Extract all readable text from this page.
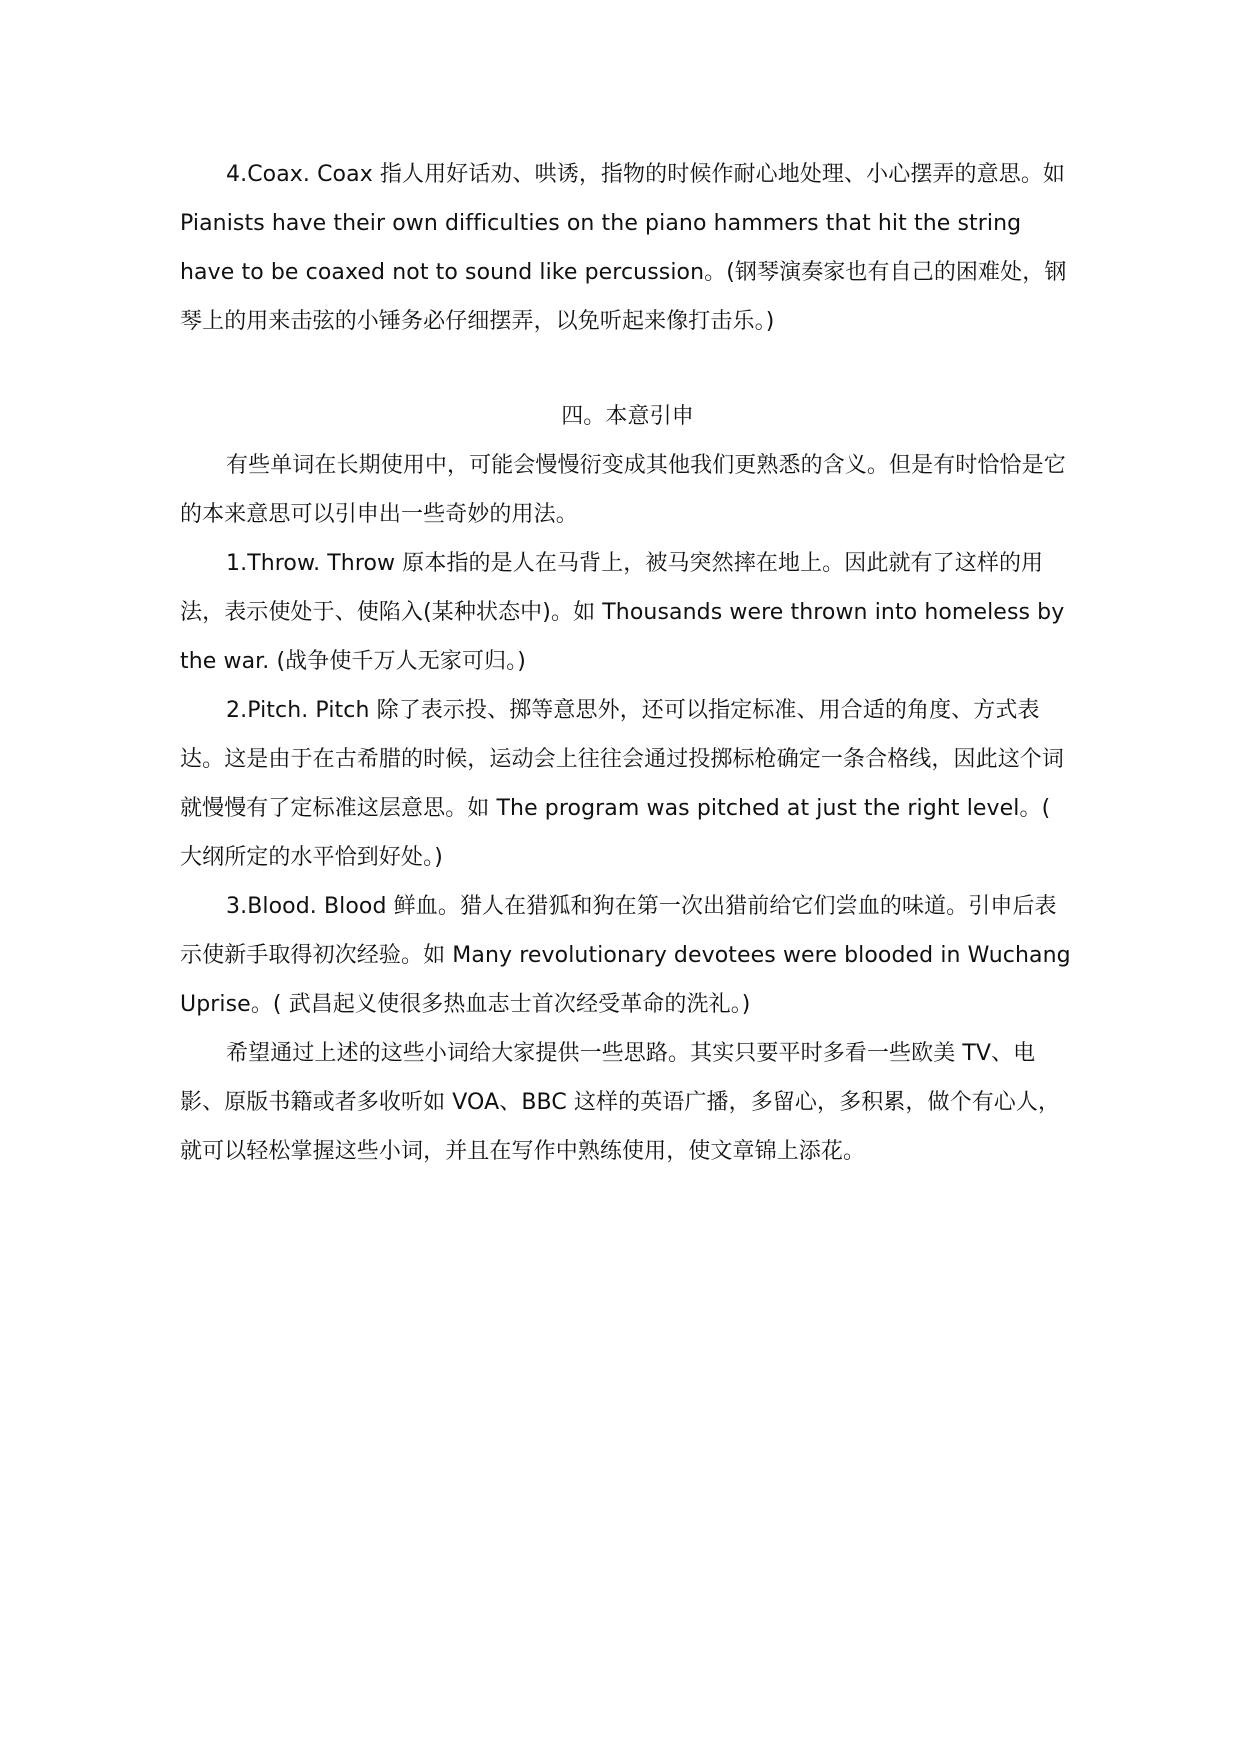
4.Coax. Coax 指人用好话劝、哄诱，指物的时候作耐心地处理、小心摆弄的意思。如 Pianists have their own difficulties on the piano hammers that hit the string have to be coaxed not to sound like percussion。(钢琴演奏家也有自己的困难处，钢琴上的用来击弦的小锤务必仔细摆弄，以免听起来像打击乐。)

四。本意引申

有些单词在长期使用中，可能会慢慢衍变成其他我们更熟悉的含义。但是有时恰恰是它的本来意思可以引申出一些奇妙的用法。

1.Throw. Throw 原本指的是人在马背上，被马突然摔在地上。因此就有了这样的用法，表示使处于、使陷入(某种状态中)。如 Thousands were thrown into homeless by the war. (战争使千万人无家可归。)

2.Pitch. Pitch 除了表示投、掷等意思外，还可以指定标准、用合适的角度、方式表达。这是由于在古希腊的时候，运动会上往往会通过投掷标枪确定一条合格线，因此这个词就慢慢有了定标准这层意思。如 The program was pitched at just the right level。( 大纲所定的水平恰到好处。)

3.Blood. Blood 鲜血。猎人在猎狐和狗在第一次出猎前给它们尝血的味道。引申后表示使新手取得初次经验。如 Many revolutionary devotees were blooded in Wuchang Uprise。( 武昌起义使很多热血志士首次经受革命的洗礼。)

希望通过上述的这些小词给大家提供一些思路。其实只要平时多看一些欧美 TV、电影、原版书籍或者多收听如 VOA、BBC 这样的英语广播，多留心，多积累，做个有心人，就可以轻松掌握这些小词，并且在写作中熟练使用，使文章锦上添花。
